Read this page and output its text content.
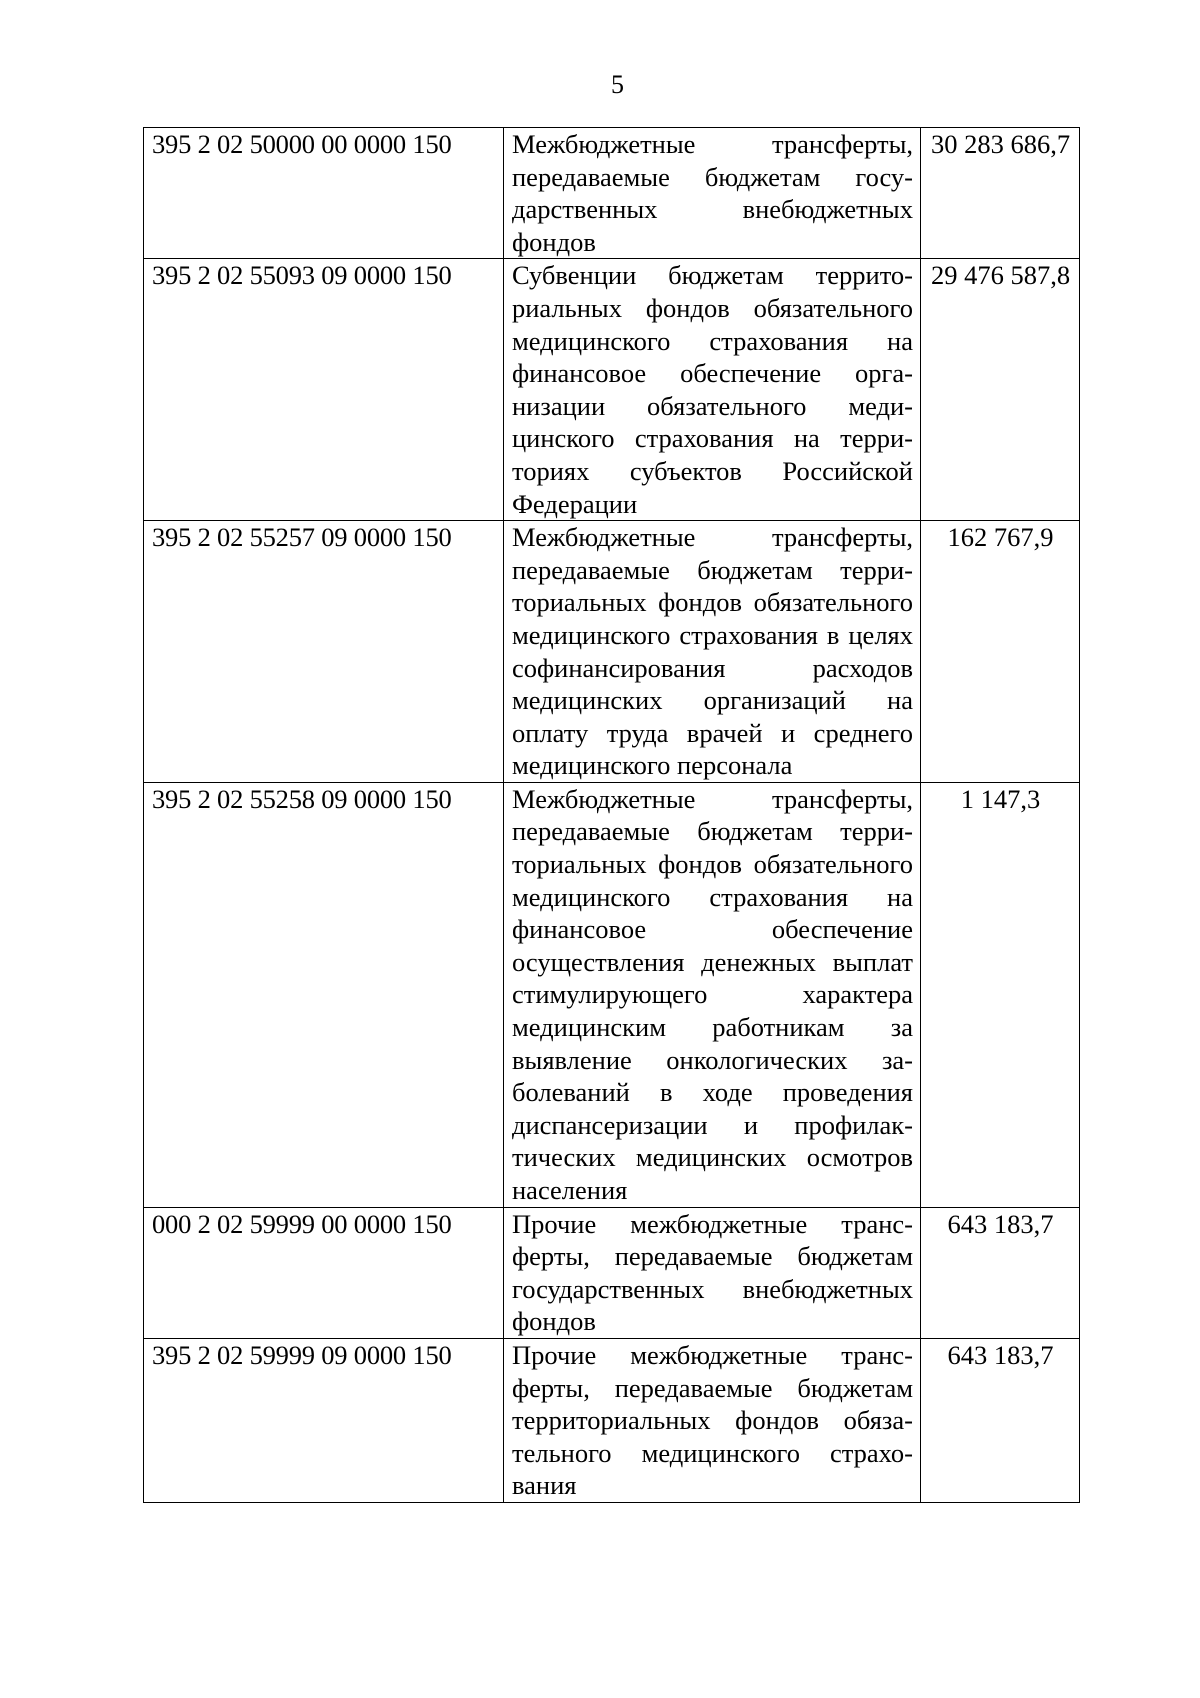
5
395 2 02 50000 00 0000 150	Межбюджетные трансферты, передаваемые бюджетам государственных внебюджетных фондов	30 283 686,7
395 2 02 55093 09 0000 150	Субвенции бюджетам территориальных фондов обязательного медицинского страхования на финансовое обеспечение организации обязательного медицинского страхования на территориях субъектов Российской Федерации	29 476 587,8
395 2 02 55257 09 0000 150	Межбюджетные трансферты, передаваемые бюджетам территориальных фондов обязательного медицинского страхования в целях софинансирования расходов медицинских организаций на оплату труда врачей и среднего медицинского персонала	162 767,9
395 2 02 55258 09 0000 150	Межбюджетные трансферты, передаваемые бюджетам территориальных фондов обязательного медицинского страхования на финансовое обеспечение осуществления денежных выплат стимулирующего характера медицинским работникам за выявление онкологических заболеваний в ходе проведения диспансеризации и профилактических медицинских осмотров населения	1 147,3
000 2 02 59999 00 0000 150	Прочие межбюджетные трансферты, передаваемые бюджетам государственных внебюджетных фондов	643 183,7
395 2 02 59999 09 0000 150	Прочие межбюджетные трансферты, передаваемые бюджетам территориальных фондов обязательного медицинского страхования	643 183,7
